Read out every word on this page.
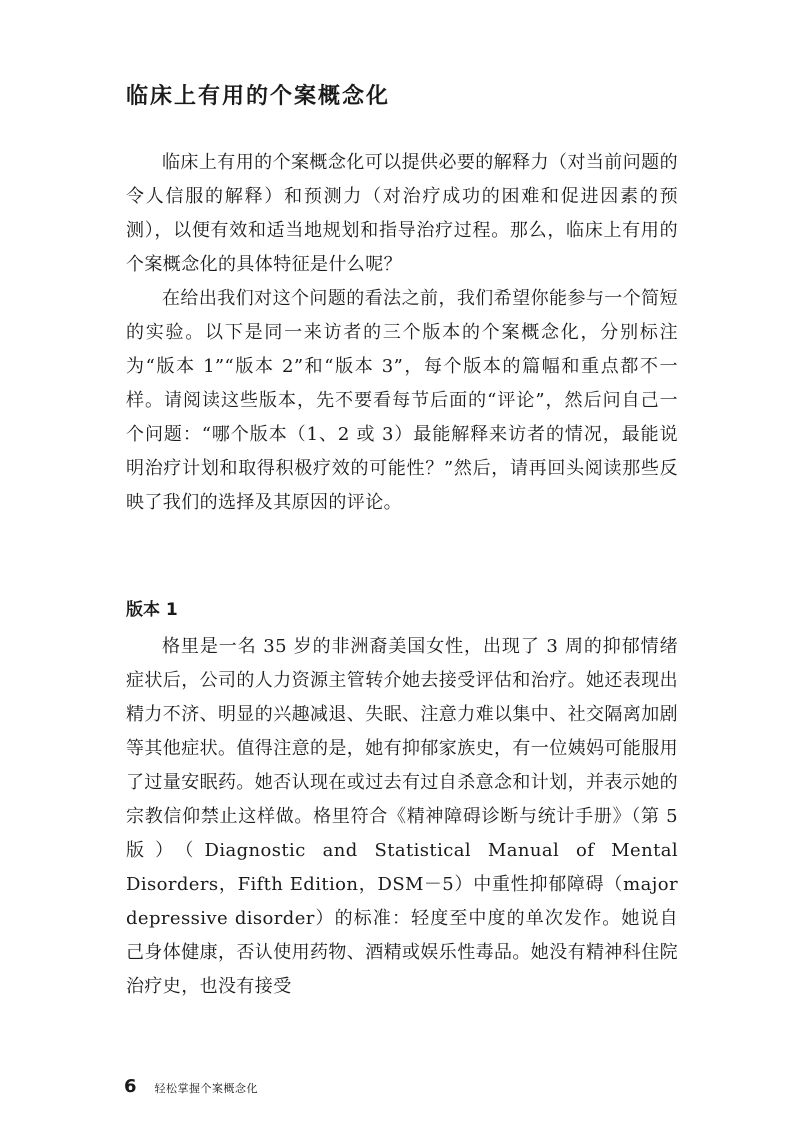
临床上有用的个案概念化

临床上有用的个案概念化可以提供必要的解释力（对当前问题的令人信服的解释）和预测力（对治疗成功的困难和促进因素的预测），以便有效和适当地规划和指导治疗过程。那么，临床上有用的个案概念化的具体特征是什么呢？

在给出我们对这个问题的看法之前，我们希望你能参与一个简短的实验。以下是同一来访者的三个版本的个案概念化，分别标注为“版本 1”“版本 2”和“版本 3”，每个版本的篇幅和重点都不一样。请阅读这些版本，先不要看每节后面的“评论”，然后问自己一个问题：“哪个版本（1、2 或 3）最能解释来访者的情况，最能说明治疗计划和取得积极疗效的可能性？”然后，请再回头阅读那些反映了我们的选择及其原因的评论。

版本 1

格里是一名 35 岁的非洲裔美国女性，出现了 3 周的抑郁情绪症状后，公司的人力资源主管转介她去接受评估和治疗。她还表现出精力不济、明显的兴趣减退、失眠、注意力难以集中、社交隔离加剧等其他症状。值得注意的是，她有抑郁家族史，有一位姨妈可能服用了过量安眠药。她否认现在或过去有过自杀意念和计划，并表示她的宗教信仰禁止这样做。格里符合《精神障碍诊断与统计手册》（第 5 版）（Diagnostic and Statistical Manual of Mental Disorders，Fifth Edition，DSM－5）中重性抑郁障碍（major depressive disorder）的标准：轻度至中度的单次发作。她说自己身体健康，否认使用药物、酒精或娱乐性毒品。她没有精神科住院治疗史，也没有接受

6 轻松掌握个案概念化
